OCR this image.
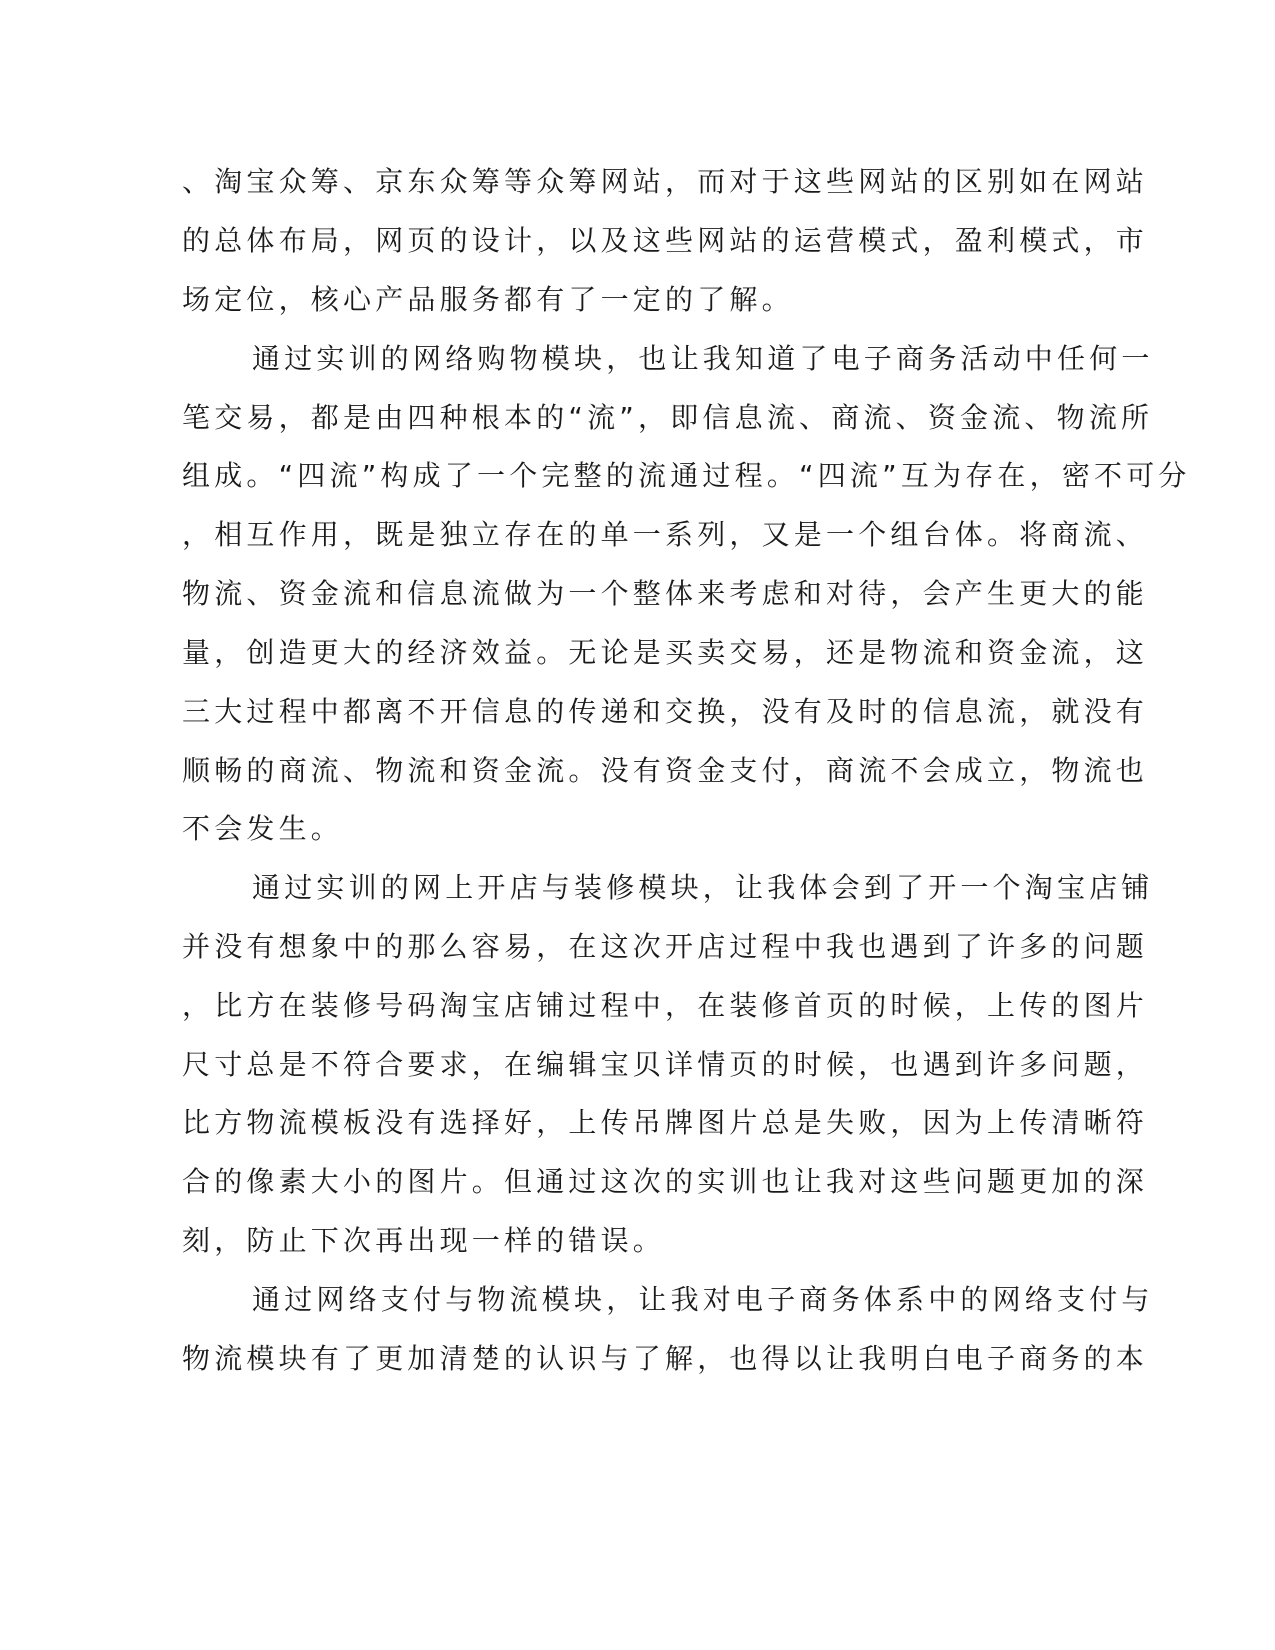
、淘宝众筹、京东众筹等众筹网站，而对于这些网站的区别如在网站
的总体布局，网页的设计，以及这些网站的运营模式，盈利模式，市
场定位，核心产品服务都有了一定的了解。
通过实训的网络购物模块，也让我知道了电子商务活动中任何一
笔交易，都是由四种根本的“流”，即信息流、商流、资金流、物流所
组成。“四流”构成了一个完整的流通过程。“四流”互为存在，密不可分
，相互作用，既是独立存在的单一系列，又是一个组台体。将商流、
物流、资金流和信息流做为一个整体来考虑和对待，会产生更大的能
量，创造更大的经济效益。无论是买卖交易，还是物流和资金流，这
三大过程中都离不开信息的传递和交换，没有及时的信息流，就没有
顺畅的商流、物流和资金流。没有资金支付，商流不会成立，物流也
不会发生。
通过实训的网上开店与装修模块，让我体会到了开一个淘宝店铺
并没有想象中的那么容易，在这次开店过程中我也遇到了许多的问题
，比方在装修号码淘宝店铺过程中，在装修首页的时候，上传的图片
尺寸总是不符合要求，在编辑宝贝详情页的时候，也遇到许多问题，
比方物流模板没有选择好，上传吊牌图片总是失败，因为上传清晰符
合的像素大小的图片。但通过这次的实训也让我对这些问题更加的深
刻，防止下次再出现一样的错误。
通过网络支付与物流模块，让我对电子商务体系中的网络支付与
物流模块有了更加清楚的认识与了解，也得以让我明白电子商务的本
